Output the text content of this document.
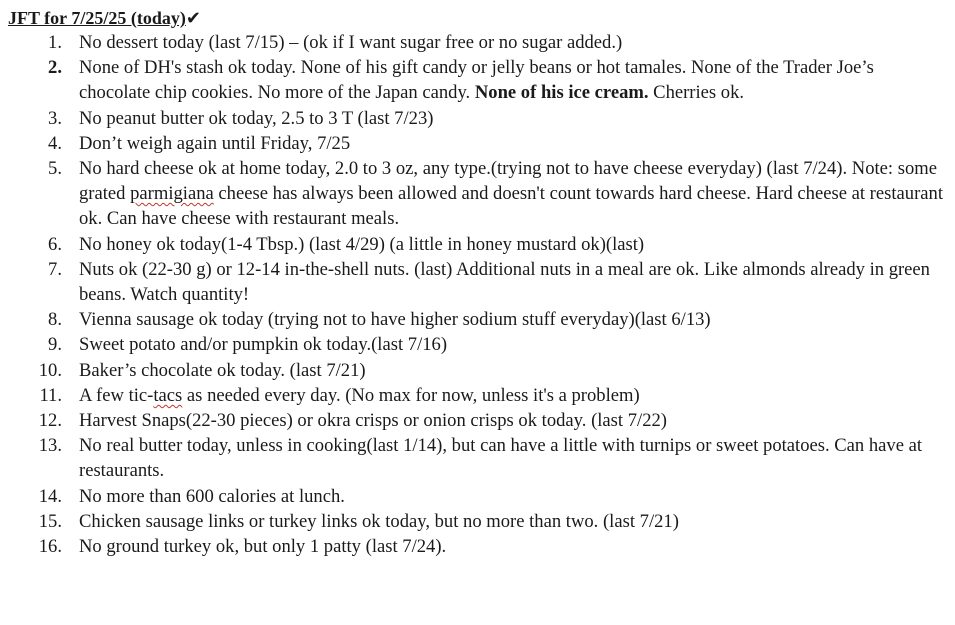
JFT for 7/25/25 (today)✔
1. No dessert today (last 7/15) – (ok if I want sugar free or no sugar added.)
2. None of DH's stash ok today. None of his gift candy or jelly beans or hot tamales. None of the Trader Joe’s chocolate chip cookies. No more of the Japan candy. None of his ice cream. Cherries ok.
3. No peanut butter ok today, 2.5 to 3 T (last 7/23)
4. Don’t weigh again until Friday, 7/25
5. No hard cheese ok at home today, 2.0 to 3 oz, any type.(trying not to have cheese everyday) (last 7/24). Note: some grated parmigiana cheese has always been allowed and doesn't count towards hard cheese. Hard cheese at restaurant ok. Can have cheese with restaurant meals.
6. No honey ok today(1-4 Tbsp.) (last 4/29) (a little in honey mustard ok)(last)
7. Nuts ok (22-30 g) or 12-14 in-the-shell nuts. (last) Additional nuts in a meal are ok. Like almonds already in green beans. Watch quantity!
8. Vienna sausage ok today (trying not to have higher sodium stuff everyday)(last 6/13)
9. Sweet potato and/or pumpkin ok today.(last 7/16)
10. Baker’s chocolate ok today. (last 7/21)
11. A few tic-tacs as needed every day. (No max for now, unless it's a problem)
12. Harvest Snaps(22-30 pieces) or okra crisps or onion crisps ok today. (last 7/22)
13. No real butter today, unless in cooking(last 1/14), but can have a little with turnips or sweet potatoes. Can have at restaurants.
14. No more than 600 calories at lunch.
15. Chicken sausage links or turkey links ok today, but no more than two. (last 7/21)
16. No ground turkey ok, but only 1 patty (last 7/24).
